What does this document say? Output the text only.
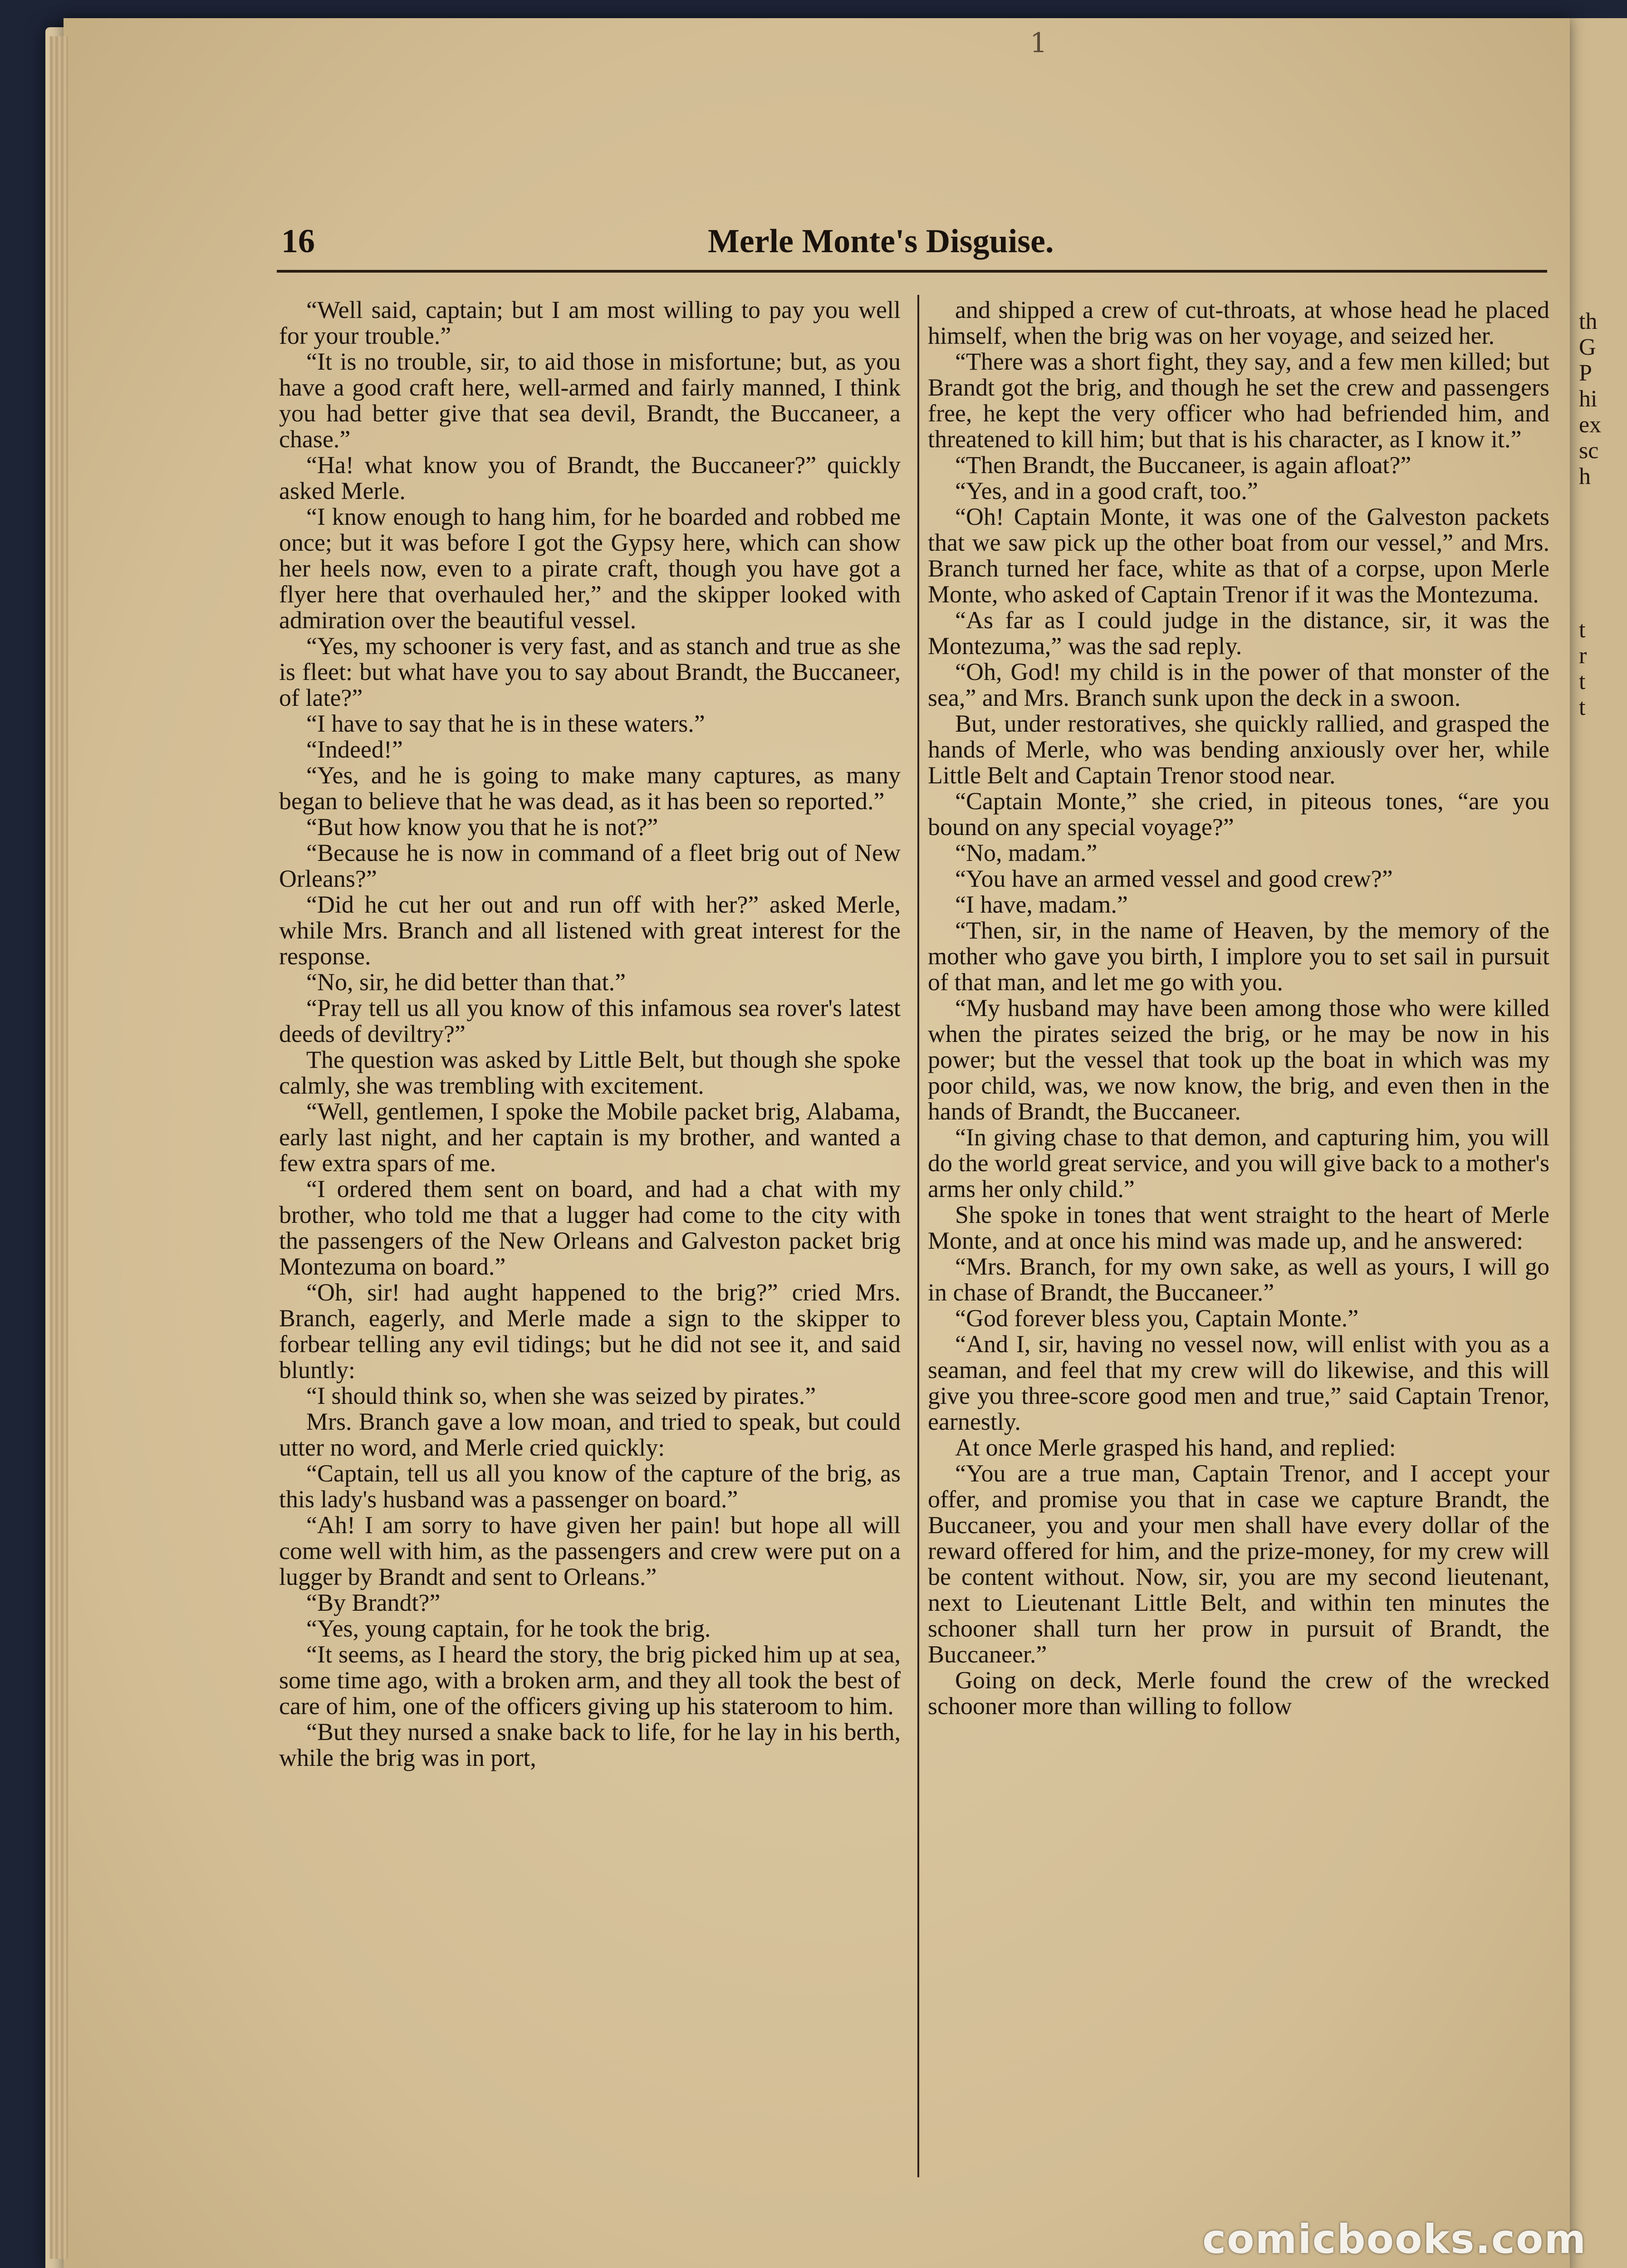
th
G
P
hi
ex
sc
h
t
r
t
t
1
16	Merle Monte's Disguise.

“Well said, captain; but I am most willing to pay you well for your trouble.”

“It is no trouble, sir, to aid those in misfortune; but, as you have a good craft here, well-armed and fairly manned, I think you had better give that sea devil, Brandt, the Buccaneer, a chase.”

“Ha! what know you of Brandt, the Buccaneer?” quickly asked Merle.

“I know enough to hang him, for he boarded and robbed me once; but it was before I got the Gypsy here, which can show her heels now, even to a pirate craft, though you have got a flyer here that overhauled her,” and the skipper looked with admiration over the beautiful vessel.

“Yes, my schooner is very fast, and as stanch and true as she is fleet: but what have you to say about Brandt, the Buccaneer, of late?”

“I have to say that he is in these waters.”

“Indeed!”

“Yes, and he is going to make many captures, as many began to believe that he was dead, as it has been so reported.”

“But how know you that he is not?”

“Because he is now in command of a fleet brig out of New Orleans?”

“Did he cut her out and run off with her?” asked Merle, while Mrs. Branch and all listened with great interest for the response.

“No, sir, he did better than that.”

“Pray tell us all you know of this infamous sea rover's latest deeds of deviltry?”

The question was asked by Little Belt, but though she spoke calmly, she was trembling with excitement.

“Well, gentlemen, I spoke the Mobile packet brig, Alabama, early last night, and her captain is my brother, and wanted a few extra spars of me.

“I ordered them sent on board, and had a chat with my brother, who told me that a lugger had come to the city with the passengers of the New Orleans and Galveston packet brig Montezuma on board.”

“Oh, sir! had aught happened to the brig?” cried Mrs. Branch, eagerly, and Merle made a sign to the skipper to forbear telling any evil tidings; but he did not see it, and said bluntly:

“I should think so, when she was seized by pirates.”

Mrs. Branch gave a low moan, and tried to speak, but could utter no word, and Merle cried quickly:

“Captain, tell us all you know of the capture of the brig, as this lady's husband was a passenger on board.”

“Ah! I am sorry to have given her pain! but hope all will come well with him, as the passengers and crew were put on a lugger by Brandt and sent to Orleans.”

“By Brandt?”

“Yes, young captain, for he took the brig.

“It seems, as I heard the story, the brig picked him up at sea, some time ago, with a broken arm, and they all took the best of care of him, one of the officers giving up his stateroom to him.

“But they nursed a snake back to life, for he lay in his berth, while the brig was in port,

and shipped a crew of cut-throats, at whose head he placed himself, when the brig was on her voyage, and seized her.

“There was a short fight, they say, and a few men killed; but Brandt got the brig, and though he set the crew and passengers free, he kept the very officer who had befriended him, and threatened to kill him; but that is his character, as I know it.”

“Then Brandt, the Buccaneer, is again afloat?”

“Yes, and in a good craft, too.”

“Oh! Captain Monte, it was one of the Galveston packets that we saw pick up the other boat from our vessel,” and Mrs. Branch turned her face, white as that of a corpse, upon Merle Monte, who asked of Captain Trenor if it was the Montezuma.

“As far as I could judge in the distance, sir, it was the Montezuma,” was the sad reply.

“Oh, God! my child is in the power of that monster of the sea,” and Mrs. Branch sunk upon the deck in a swoon.

But, under restoratives, she quickly rallied, and grasped the hands of Merle, who was bending anxiously over her, while Little Belt and Captain Trenor stood near.

“Captain Monte,” she cried, in piteous tones, “are you bound on any special voyage?”

“No, madam.”

“You have an armed vessel and good crew?”

“I have, madam.”

“Then, sir, in the name of Heaven, by the memory of the mother who gave you birth, I implore you to set sail in pursuit of that man, and let me go with you.

“My husband may have been among those who were killed when the pirates seized the brig, or he may be now in his power; but the vessel that took up the boat in which was my poor child, was, we now know, the brig, and even then in the hands of Brandt, the Buccaneer.

“In giving chase to that demon, and capturing him, you will do the world great service, and you will give back to a mother's arms her only child.”

She spoke in tones that went straight to the heart of Merle Monte, and at once his mind was made up, and he answered:

“Mrs. Branch, for my own sake, as well as yours, I will go in chase of Brandt, the Buccaneer.”

“God forever bless you, Captain Monte.”

“And I, sir, having no vessel now, will enlist with you as a seaman, and feel that my crew will do likewise, and this will give you three-score good men and true,” said Captain Trenor, earnestly.

At once Merle grasped his hand, and replied:

“You are a true man, Captain Trenor, and I accept your offer, and promise you that in case we capture Brandt, the Buccaneer, you and your men shall have every dollar of the reward offered for him, and the prize-money, for my crew will be content without. Now, sir, you are my second lieutenant, next to Lieutenant Little Belt, and within ten minutes the schooner shall turn her prow in pursuit of Brandt, the Buccaneer.”

Going on deck, Merle found the crew of the wrecked schooner more than willing to follow

comicbooks.com
